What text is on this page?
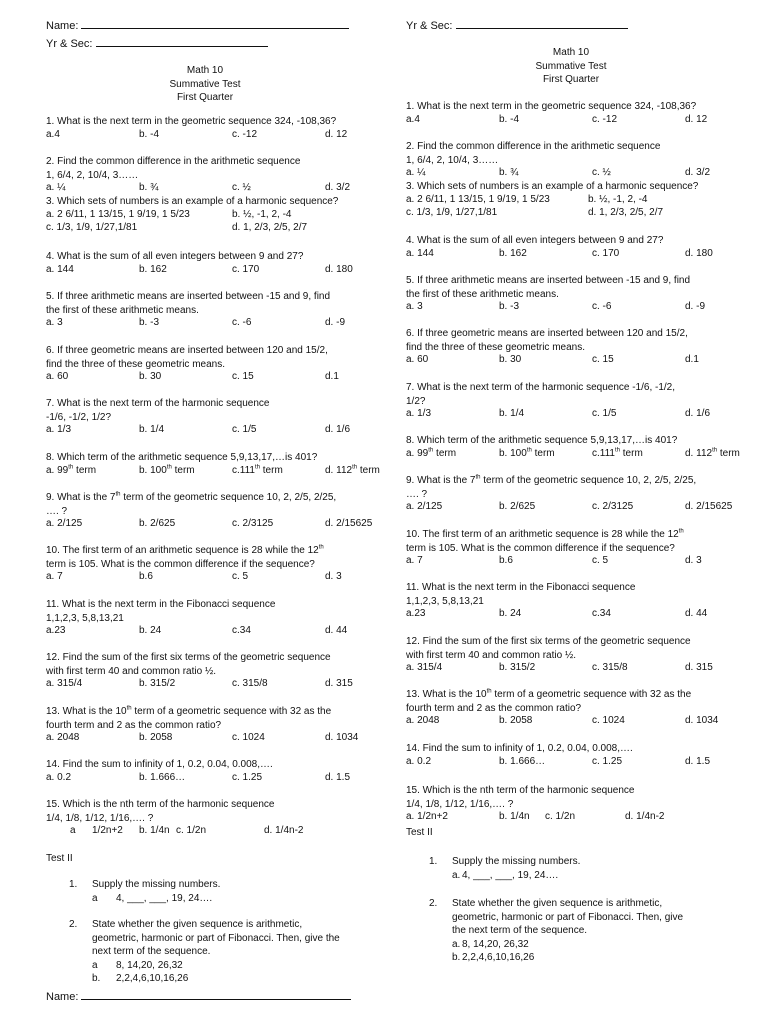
Name:
Yr & Sec:
Math 10
Summative Test
First Quarter
1. What is the next term in the geometric sequence 324, -108,36?
a.4	b. -4	c. -12	d. 12
2. Find the common difference in the arithmetic sequence
1, 6/4, 2, 10/4, 3……
a. ¼	b. ¾	c. ½	d. 3/2
3. Which sets of numbers is an example of a harmonic sequence?
a. 2 6/11, 1 13/15, 1 9/19, 1 5/23	b. ½, -1, 2, -4
c. 1/3, 1/9, 1/27,1/81	d. 1, 2/3, 2/5, 2/7
4. What is the sum of all even integers between 9 and 27?
a. 144	b. 162	c. 170	d. 180
5. If three arithmetic means are inserted between -15 and 9, find
the first of these arithmetic means.
a. 3	b. -3	c. -6	d. -9
6. If three geometric means are inserted between 120 and 15/2,
find the three of these geometric means.
a. 60	b. 30	c. 15	d.1
7. What is the next term of the harmonic sequence
-1/6, -1/2, 1/2?
a. 1/3	b. 1/4	c. 1/5	d. 1/6
8. Which term of the arithmetic sequence 5,9,13,17,…is 401?
a. 99th term	b. 100th term	c.111th term	d. 112th term
9. What is the 7th term of the geometric sequence 10, 2, 2/5, 2/25,
…. ?
a. 2/125	b. 2/625	c. 2/3125	d. 2/15625
10. The first term of an arithmetic sequence is 28 while the 12th
term is 105. What is the common difference if the sequence?
a. 7	b.6	c. 5	d. 3
11. What is the next term in the Fibonacci sequence
1,1,2,3, 5,8,13,21
a.23	b. 24	c.34	d. 44
12. Find the sum of the first six terms of the geometric sequence
with first term 40 and common ratio ½.
a. 315/4	b. 315/2	c. 315/8	d. 315
13. What is the 10th term of a geometric sequence with 32 as the
fourth term and 2 as the common ratio?
a. 2048	b. 2058	c. 1024	d. 1034
14. Find the sum to infinity of 1, 0.2, 0.04, 0.008,….
a. 0.2	b. 1.666…	c. 1.25	d. 1.5
15. Which is the nth term of the harmonic sequence
1/4, 1/8, 1/12, 1/16,…. ?
a 1/2n+2 b. 1/4n c. 1/2n	d. 1/4n-2
Test II
1. Supply the missing numbers.
a 4, ___, ___, 19, 24….
2. State whether the given sequence is arithmetic,
geometric, harmonic or part of Fibonacci. Then, give the
next term of the sequence.
a 8, 14,20, 26,32
b. 2,2,4,6,10,16,26
Name:
Yr & Sec:
Math 10
Summative Test
First Quarter
1. What is the next term in the geometric sequence 324, -108,36?
a.4	b. -4	c. -12	d. 12
2. Find the common difference in the arithmetic sequence
1, 6/4, 2, 10/4, 3……
a. ¼	b. ¾	c. ½	d. 3/2
3. Which sets of numbers is an example of a harmonic sequence?
a. 2 6/11, 1 13/15, 1 9/19, 1 5/23	b. ½, -1, 2, -4
c. 1/3, 1/9, 1/27,1/81	d. 1, 2/3, 2/5, 2/7
4. What is the sum of all even integers between 9 and 27?
a. 144	b. 162	c. 170	d. 180
5. If three arithmetic means are inserted between -15 and 9, find
the first of these arithmetic means.
a. 3	b. -3	c. -6	d. -9
6. If three geometric means are inserted between 120 and 15/2,
find the three of these geometric means.
a. 60	b. 30	c. 15	d.1
7. What is the next term of the harmonic sequence -1/6, -1/2,
1/2?
a. 1/3	b. 1/4	c. 1/5	d. 1/6
8. Which term of the arithmetic sequence 5,9,13,17,…is 401?
a. 99th term	b. 100th term	c.111th term	d. 112th term
9. What is the 7th term of the geometric sequence 10, 2, 2/5, 2/25,
…. ?
a. 2/125	b. 2/625	c. 2/3125	d. 2/15625
10. The first term of an arithmetic sequence is 28 while the 12th
term is 105. What is the common difference if the sequence?
a. 7	b.6	c. 5	d. 3
11. What is the next term in the Fibonacci sequence
1,1,2,3, 5,8,13,21
a.23	b. 24	c.34	d. 44
12. Find the sum of the first six terms of the geometric sequence
with first term 40 and common ratio ½.
a. 315/4	b. 315/2	c. 315/8	d. 315
13. What is the 10th term of a geometric sequence with 32 as the
fourth term and 2 as the common ratio?
a. 2048	b. 2058	c. 1024	d. 1034
14. Find the sum to infinity of 1, 0.2, 0.04, 0.008,….
a. 0.2	b. 1.666…	c. 1.25	d. 1.5
15. Which is the nth term of the harmonic sequence
1/4, 1/8, 1/12, 1/16,…. ?
a. 1/2n+2	b. 1/4n c. 1/2n	d. 1/4n-2
Test II
1. Supply the missing numbers.
a. 4, ___, ___, 19, 24….
2. State whether the given sequence is arithmetic,
geometric, harmonic or part of Fibonacci. Then, give
the next term of the sequence.
a. 8, 14,20, 26,32
b. 2,2,4,6,10,16,26
